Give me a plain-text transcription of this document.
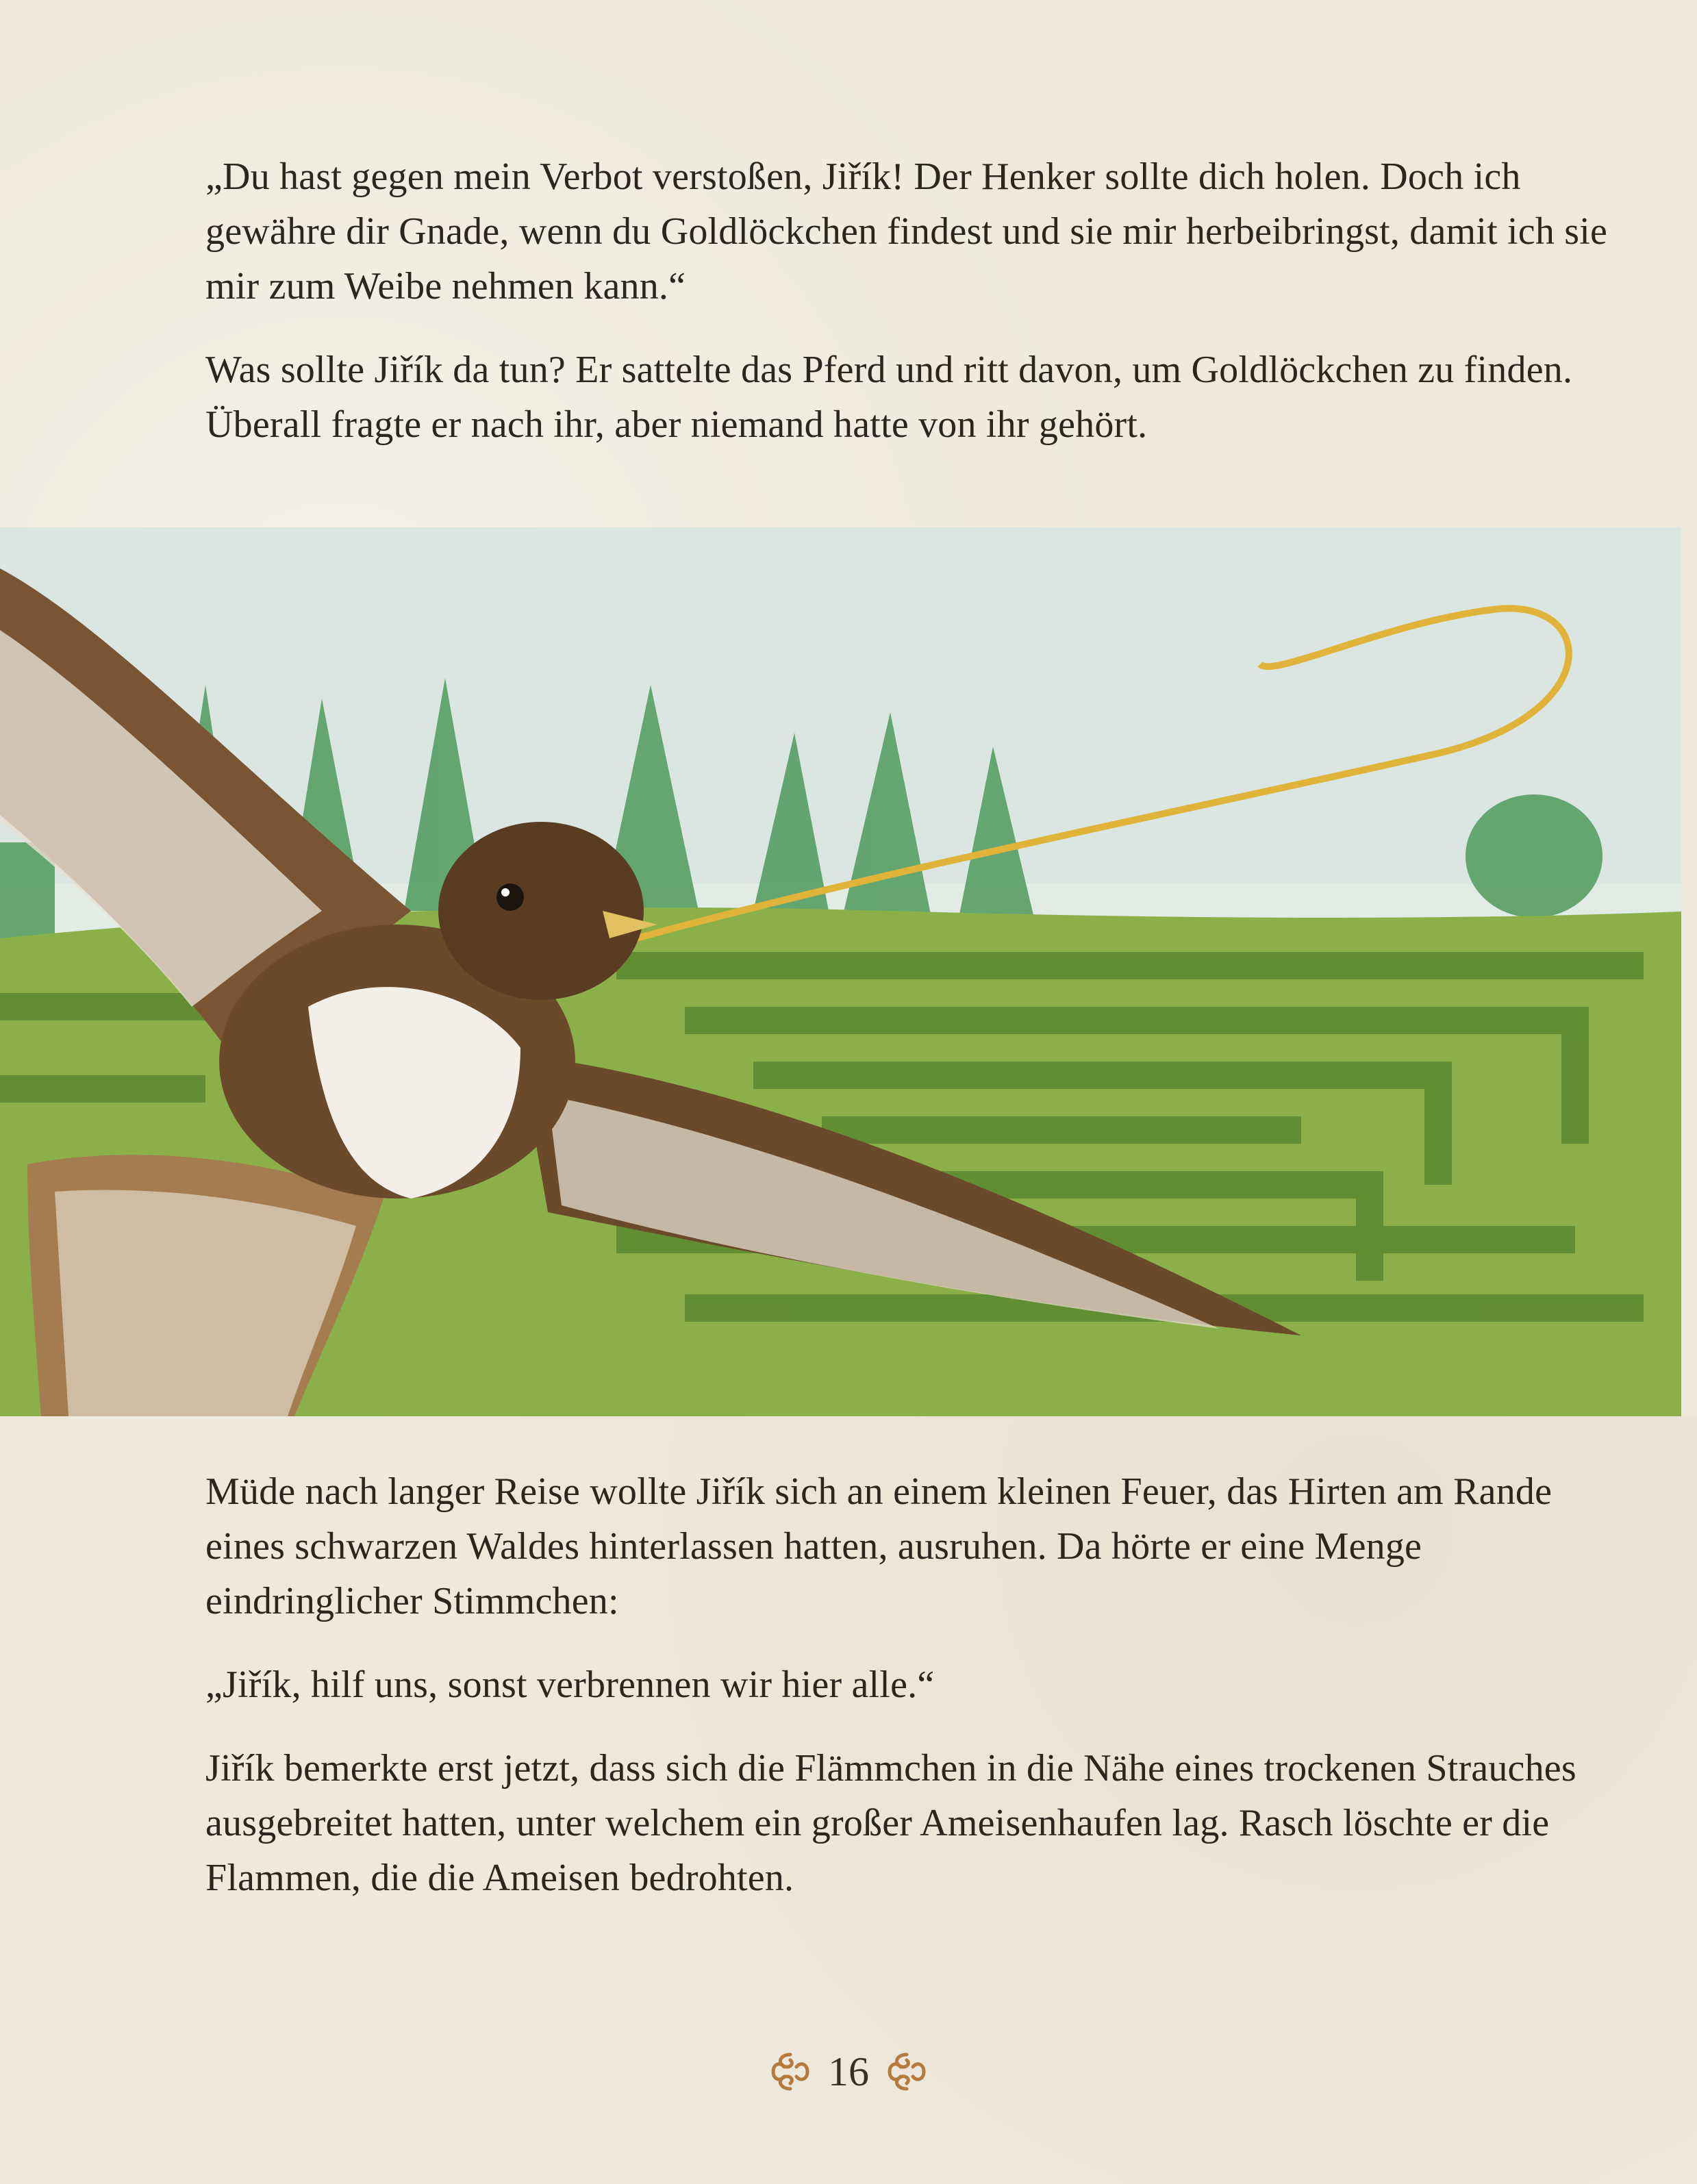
„Du hast gegen mein Verbot verstoßen, Jiřík! Der Henker sollte dich holen. Doch ich gewähre dir Gnade, wenn du Goldlöckchen findest und sie mir herbeibringst, damit ich sie mir zum Weibe nehmen kann.“

Was sollte Jiřík da tun? Er sattelte das Pferd und ritt davon, um Goldlöckchen zu finden. Überall fragte er nach ihr, aber niemand hatte von ihr gehört.

Müde nach langer Reise wollte Jiřík sich an einem kleinen Feuer, das Hirten am Rande eines schwarzen Waldes hinterlassen hatten, ausruhen. Da hörte er eine Menge eindringlicher Stimmchen:

„Jiřík, hilf uns, sonst verbrennen wir hier alle.“

Jiřík bemerkte erst jetzt, dass sich die Flämmchen in die Nähe eines trockenen Strauches ausgebreitet hatten, unter welchem ein großer Ameisenhaufen lag. Rasch löschte er die Flammen, die die Ameisen bedrohten.

16
